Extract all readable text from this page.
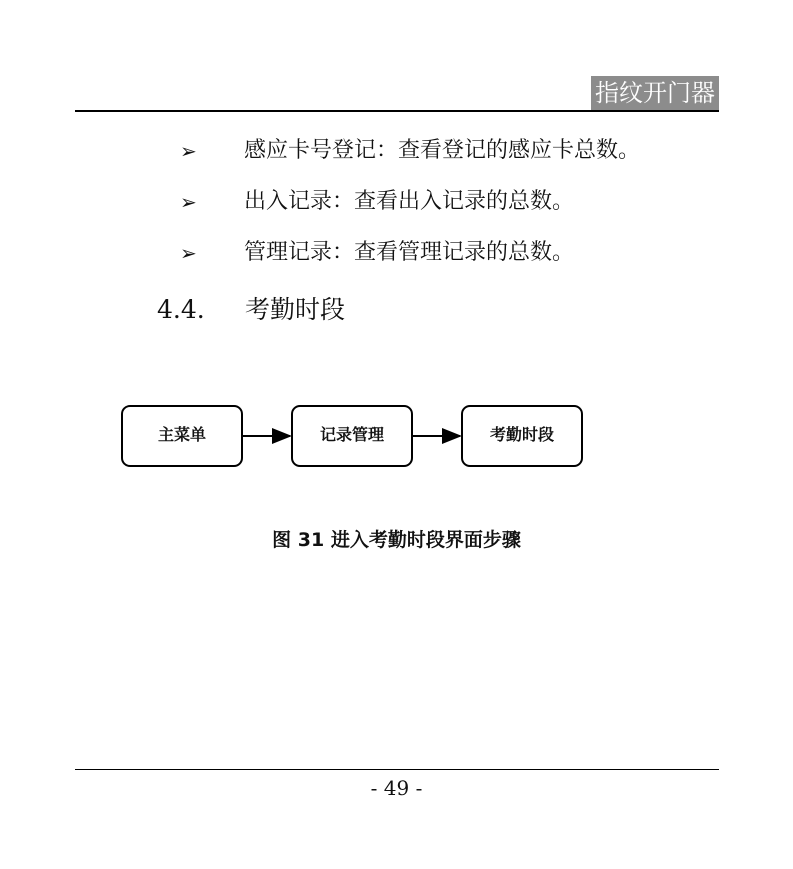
指纹开门器
➢	感应卡号登记：查看登记的感应卡总数。
➢	出入记录：查看出入记录的总数。
➢	管理记录：查看管理记录的总数。
4.4.	考勤时段
主菜单	记录管理	考勤时段
图 31 进入考勤时段界面步骤
- 49 -
